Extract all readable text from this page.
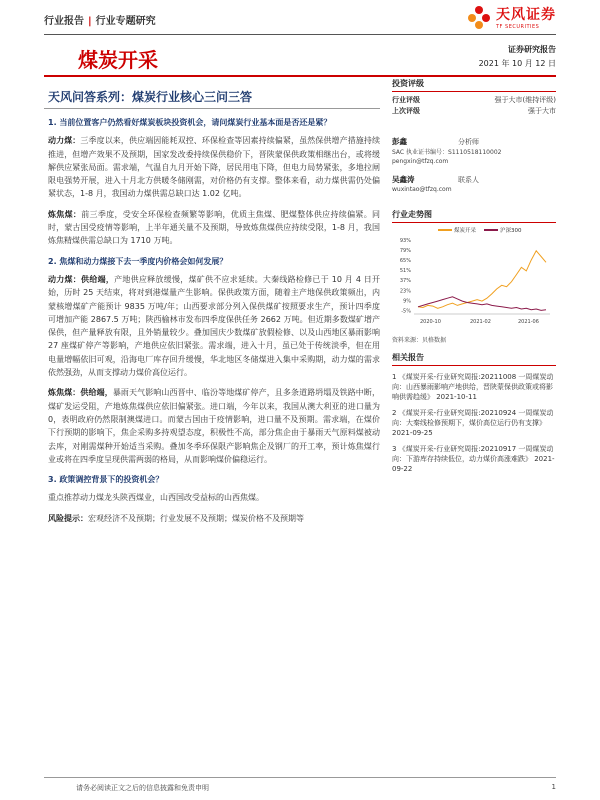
行业报告 | 行业专题研究	天风证券
TF SECURITIES
煤炭开采	证券研究报告
2021 年 10 月 12 日
天风问答系列：煤炭行业核心三问三答
1. 当前位置客户仍然看好煤炭板块投资机会，请问煤炭行业基本面是否还是紧？

动力煤：三季度以来，供应端因能耗双控、环保检查等因素持续偏紧，虽然保供增产措施持续推进，但增产效果不及预期，国家发改委持续保供稳价下，晋陕蒙保供政策相继出台，或将缓解供应紧张局面。需求端，气温自九月开始下降，居民用电下降，但电力局势紧张，多地拉闸限电强势开展，进入十月北方供暖冬储刚需，对价格仍有支撑。整体来看，动力煤供需仍处偏紧状态，1-8 月，我国动力煤供需总缺口达 1.02 亿吨。

炼焦煤：前三季度，受安全环保检查频繁等影响，优质主焦煤、肥煤整体供应持续偏紧。同时，蒙古国受疫情等影响，上半年通关量不及预期，导致炼焦煤供应持续受限，1-8 月，我国炼焦精煤供需总缺口为 1710 万吨。

2. 焦煤和动力煤接下去一季度内价格会如何发展？

动力煤：供给端，产地供应释放缓慢，煤矿供不应求延续。大秦线路检修已于 10 月 4 日开始，历时 25 天结束，将对到港煤量产生影响。保供政策方面，随着主产地保供政策频出，内蒙核增煤矿产能预计 9835 万吨/年；山西要求部分列入保供煤矿按照要求生产，预计四季度可增加产能 2867.5 万吨；陕西榆林市发布四季度保供任务 2662 万吨。但近期多数煤矿增产保供，但产量释放有限，且外销量较少。叠加国庆少数煤矿放假检修、以及山西地区暴雨影响 27 座煤矿停产等影响，产地供应依旧紧张。需求端，进入十月，虽已处于传统淡季，但在用电量增幅依旧可观，沿海电厂库存回升缓慢，华北地区冬储煤进入集中采购期，动力煤的需求依然强劲，从而支撑动力煤价高位运行。

炼焦煤：供给端，暴雨天气影响山西晋中、临汾等地煤矿停产，且多条道路坍塌及铁路中断，煤矿发运受阻，产地炼焦煤供应依旧偏紧张。进口端，今年以来，我国从澳大利亚的进口量为 0，表明政府仍然限制澳煤进口。而蒙古国由于疫情影响，进口量不及预期。需求端，在煤价下行预期的影响下，焦企采购多持观望态度，积极性不高，部分焦企由于暴雨天气原料煤被动去库，对刚需煤种开始适当采购。叠加冬季环保限产影响焦企及钢厂的开工率，预计炼焦煤行业或将在四季度呈现供需两弱的格局，从而影响煤价偏稳运行。

3. 政策调控背景下的投资机会？

重点推荐动力煤龙头陕西煤业，山西国改受益标的山西焦煤。

风险提示：宏观经济不及预期；行业发展不及预期；煤炭价格不及预期等

投资评级
行业评级	强于大市(维持评级)
上次评级	强于大市
彭鑫	分析师
SAC 执业证书编号：S1110518110002
pengxin@tfzq.com
吴鑫涛	联系人
wuxintao@tfzq.com
行业走势图
煤炭开采	沪深300
93%
79%
65%
51%
37%
23%
9%
-5%
2020-10	2021-02	2021-06
资料来源：贝格数据
相关报告
1 《煤炭开采-行业研究周报:20211008 一周煤炭动向：山西暴雨影响产地供给，晋陕蒙保供政策或将影响供需趋缓》 2021-10-11
2 《煤炭开采-行业研究周报:20210924 一周煤炭动向：大秦线检修预期下，煤价高位运行仍有支撑》 2021-09-25
3 《煤炭开采-行业研究周报:20210917 一周煤炭动向：下游库存持续低位，动力煤价高涨难跌》 2021-09-22
请务必阅读正文之后的信息披露和免责申明	1
